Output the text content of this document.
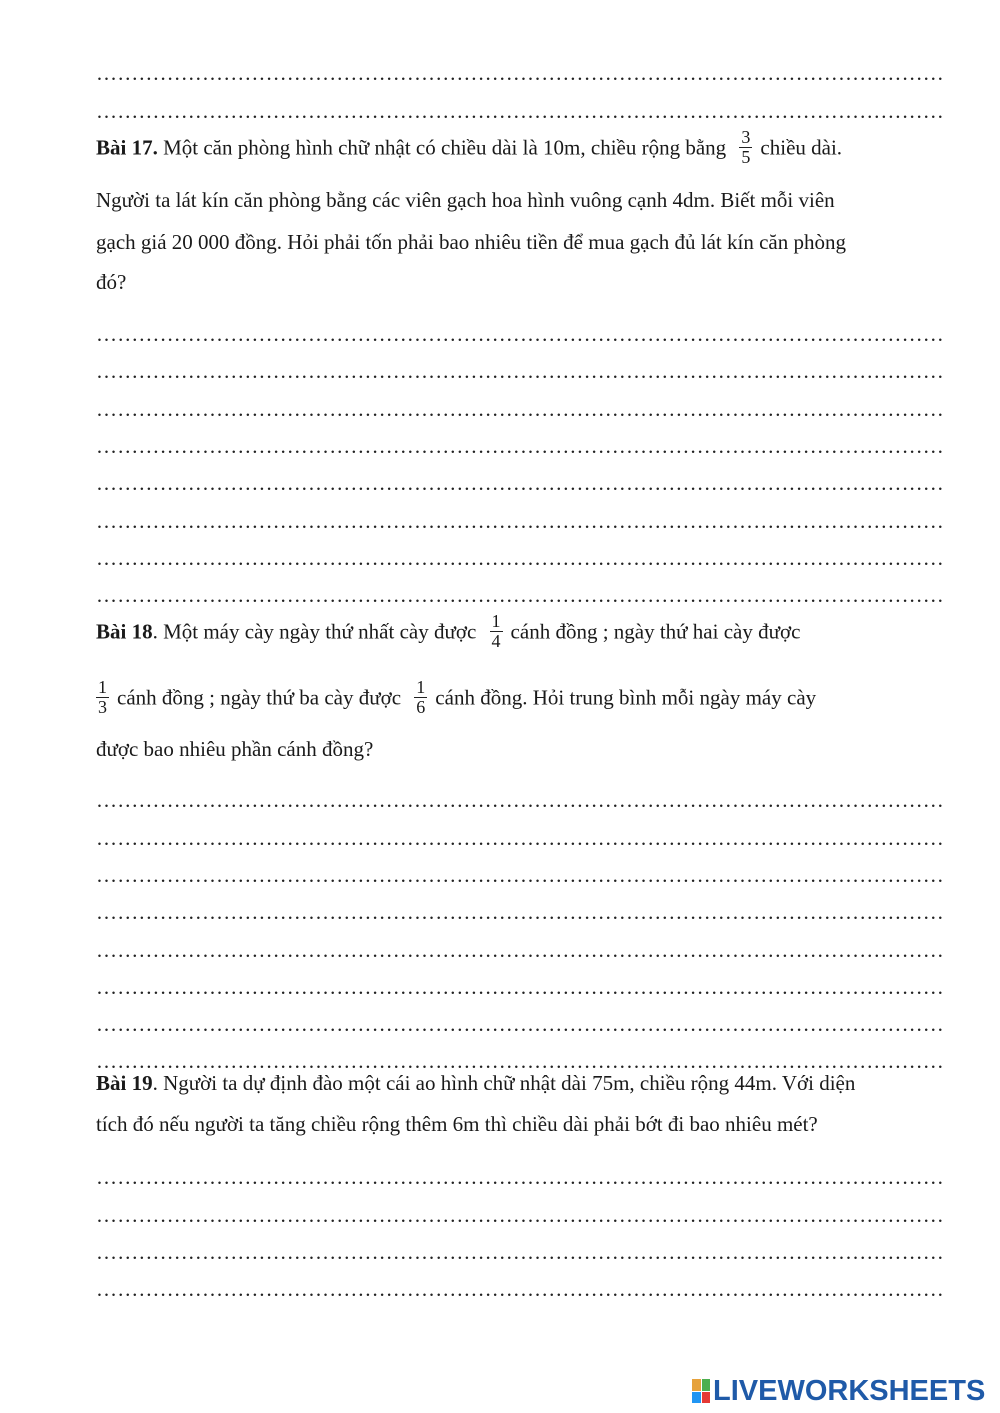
…………………………………………………………………………………………………………
…………………………………………………………………………………………………………
Bài 17. Một căn phòng hình chữ nhật có chiều dài là 10m, chiều rộng bằng $\frac{3}{5}$ chiều dài.
Người ta lát kín căn phòng bằng các viên gạch hoa hình vuông cạnh 4dm. Biết mỗi viên
gạch giá 20 000 đồng. Hỏi phải tốn phải bao nhiêu tiền để mua gạch đủ lát kín căn phòng
đó?
…………………………………………………………………………………………………………
…………………………………………………………………………………………………………
…………………………………………………………………………………………………………
…………………………………………………………………………………………………………
…………………………………………………………………………………………………………
…………………………………………………………………………………………………………
…………………………………………………………………………………………………………
…………………………………………………………………………………………………………
Bài 18. Một máy cày ngày thứ nhất cày được $\frac{1}{4}$ cánh đồng ; ngày thứ hai cày được
$\frac{1}{3}$ cánh đồng ; ngày thứ ba cày được $\frac{1}{6}$ cánh đồng. Hỏi trung bình mỗi ngày máy cày
được bao nhiêu phần cánh đồng?
…………………………………………………………………………………………………………
…………………………………………………………………………………………………………
…………………………………………………………………………………………………………
…………………………………………………………………………………………………………
…………………………………………………………………………………………………………
…………………………………………………………………………………………………………
…………………………………………………………………………………………………………
…………………………………………………………………………………………………………
Bài 19. Người ta dự định đào một cái ao hình chữ nhật dài 75m, chiều rộng 44m. Với diện
tích đó nếu người ta tăng chiều rộng thêm 6m thì chiều dài phải bớt đi bao nhiêu mét?
…………………………………………………………………………………………………………
…………………………………………………………………………………………………………
…………………………………………………………………………………………………………
…………………………………………………………………………………………………………
LIVEWORKSHEETS
